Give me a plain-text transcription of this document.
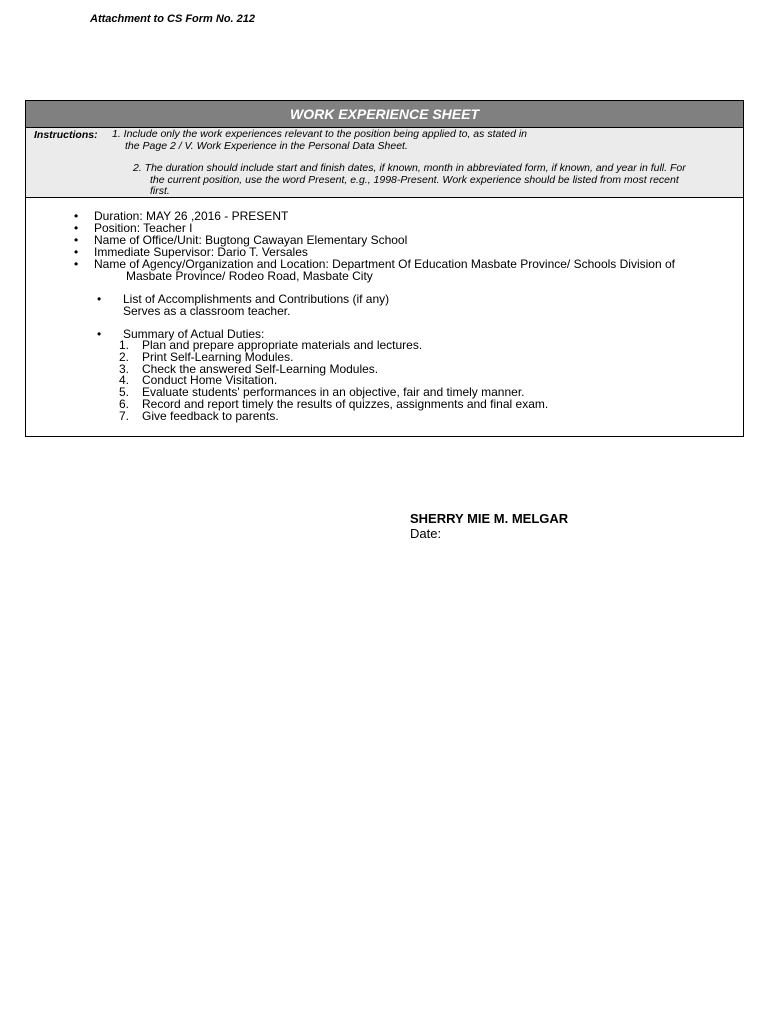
Attachment to CS Form No. 212
WORK EXPERIENCE SHEET
Instructions: 1. Include only the work experiences relevant to the position being applied to, as stated in
the Page 2 / V. Work Experience in the Personal Data Sheet.
2. The duration should include start and finish dates, if known, month in abbreviated form, if known, and year in full. For
the current position, use the word Present, e.g., 1998-Present. Work experience should be listed from most recent
first.
• Duration: MAY 26 ,2016 - PRESENT
• Position: Teacher I
• Name of Office/Unit: Bugtong Cawayan Elementary School
• Immediate Supervisor: Dario T. Versales
• Name of Agency/Organization and Location: Department Of Education Masbate Province/ Schools Division of
Masbate Province/ Rodeo Road, Masbate City
•	List of Accomplishments and Contributions (if any)
Serves as a classroom teacher.
•	Summary of Actual Duties:
1. Plan and prepare appropriate materials and lectures.
2. Print Self-Learning Modules.
3. Check the answered Self-Learning Modules.
4. Conduct Home Visitation.
5. Evaluate students' performances in an objective, fair and timely manner.
6. Record and report timely the results of quizzes, assignments and final exam.
7. Give feedback to parents.
SHERRY MIE M. MELGAR
Date:
